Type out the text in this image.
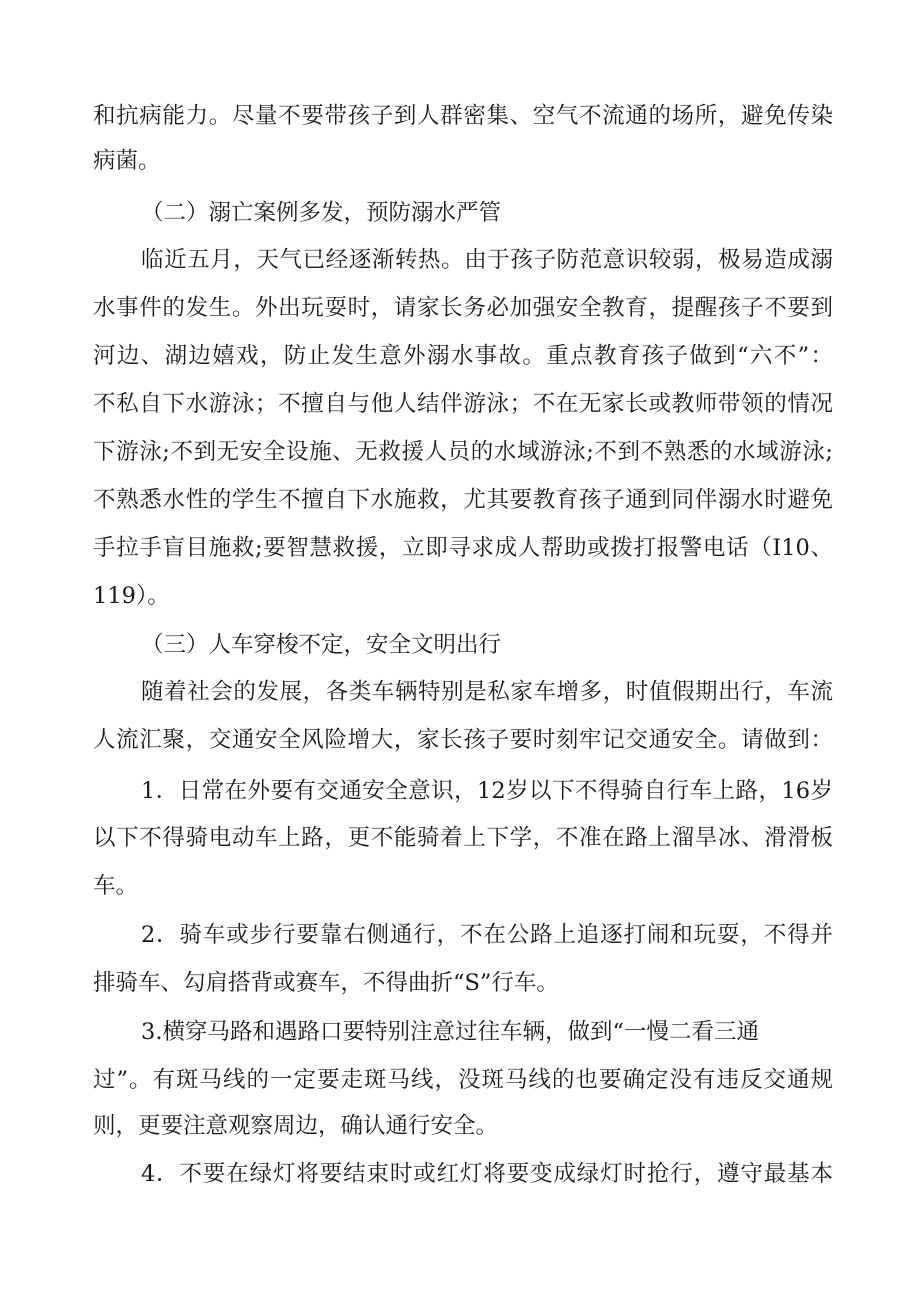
和抗病能力。尽量不要带孩子到人群密集、空气不流通的场所，避免传染
病菌。
（二）溺亡案例多发，预防溺水严管
临近五月，天气已经逐渐转热。由于孩子防范意识较弱，极易造成溺
水事件的发生。外出玩耍时，请家长务必加强安全教育，提醒孩子不要到
河边、湖边嬉戏，防止发生意外溺水事故。重点教育孩子做到“六不”：
不私自下水游泳；不擅自与他人结伴游泳；不在无家长或教师带领的情况
下游泳;不到无安全设施、无救援人员的水域游泳;不到不熟悉的水域游泳;
不熟悉水性的学生不擅自下水施救，尤其要教育孩子通到同伴溺水时避免
手拉手盲目施救;要智慧救援，立即寻求成人帮助或拨打报警电话（I10、
119）。
（三）人车穿梭不定，安全文明出行
随着社会的发展，各类车辆特别是私家车增多，时值假期出行，车流
人流汇聚，交通安全风险增大，家长孩子要时刻牢记交通安全。请做到：
1．日常在外要有交通安全意识，12岁以下不得骑自行车上路，16岁
以下不得骑电动车上路，更不能骑着上下学，不准在路上溜旱冰、滑滑板
车。
2．骑车或步行要靠右侧通行，不在公路上追逐打闹和玩耍，不得并
排骑车、勾肩搭背或赛车，不得曲折“S”行车。
3.横穿马路和遇路口要特别注意过往车辆，做到“一慢二看三通
过”。有斑马线的一定要走斑马线，没斑马线的也要确定没有违反交通规
则，更要注意观察周边，确认通行安全。
4．不要在绿灯将要结束时或红灯将要变成绿灯时抢行，遵守最基本
